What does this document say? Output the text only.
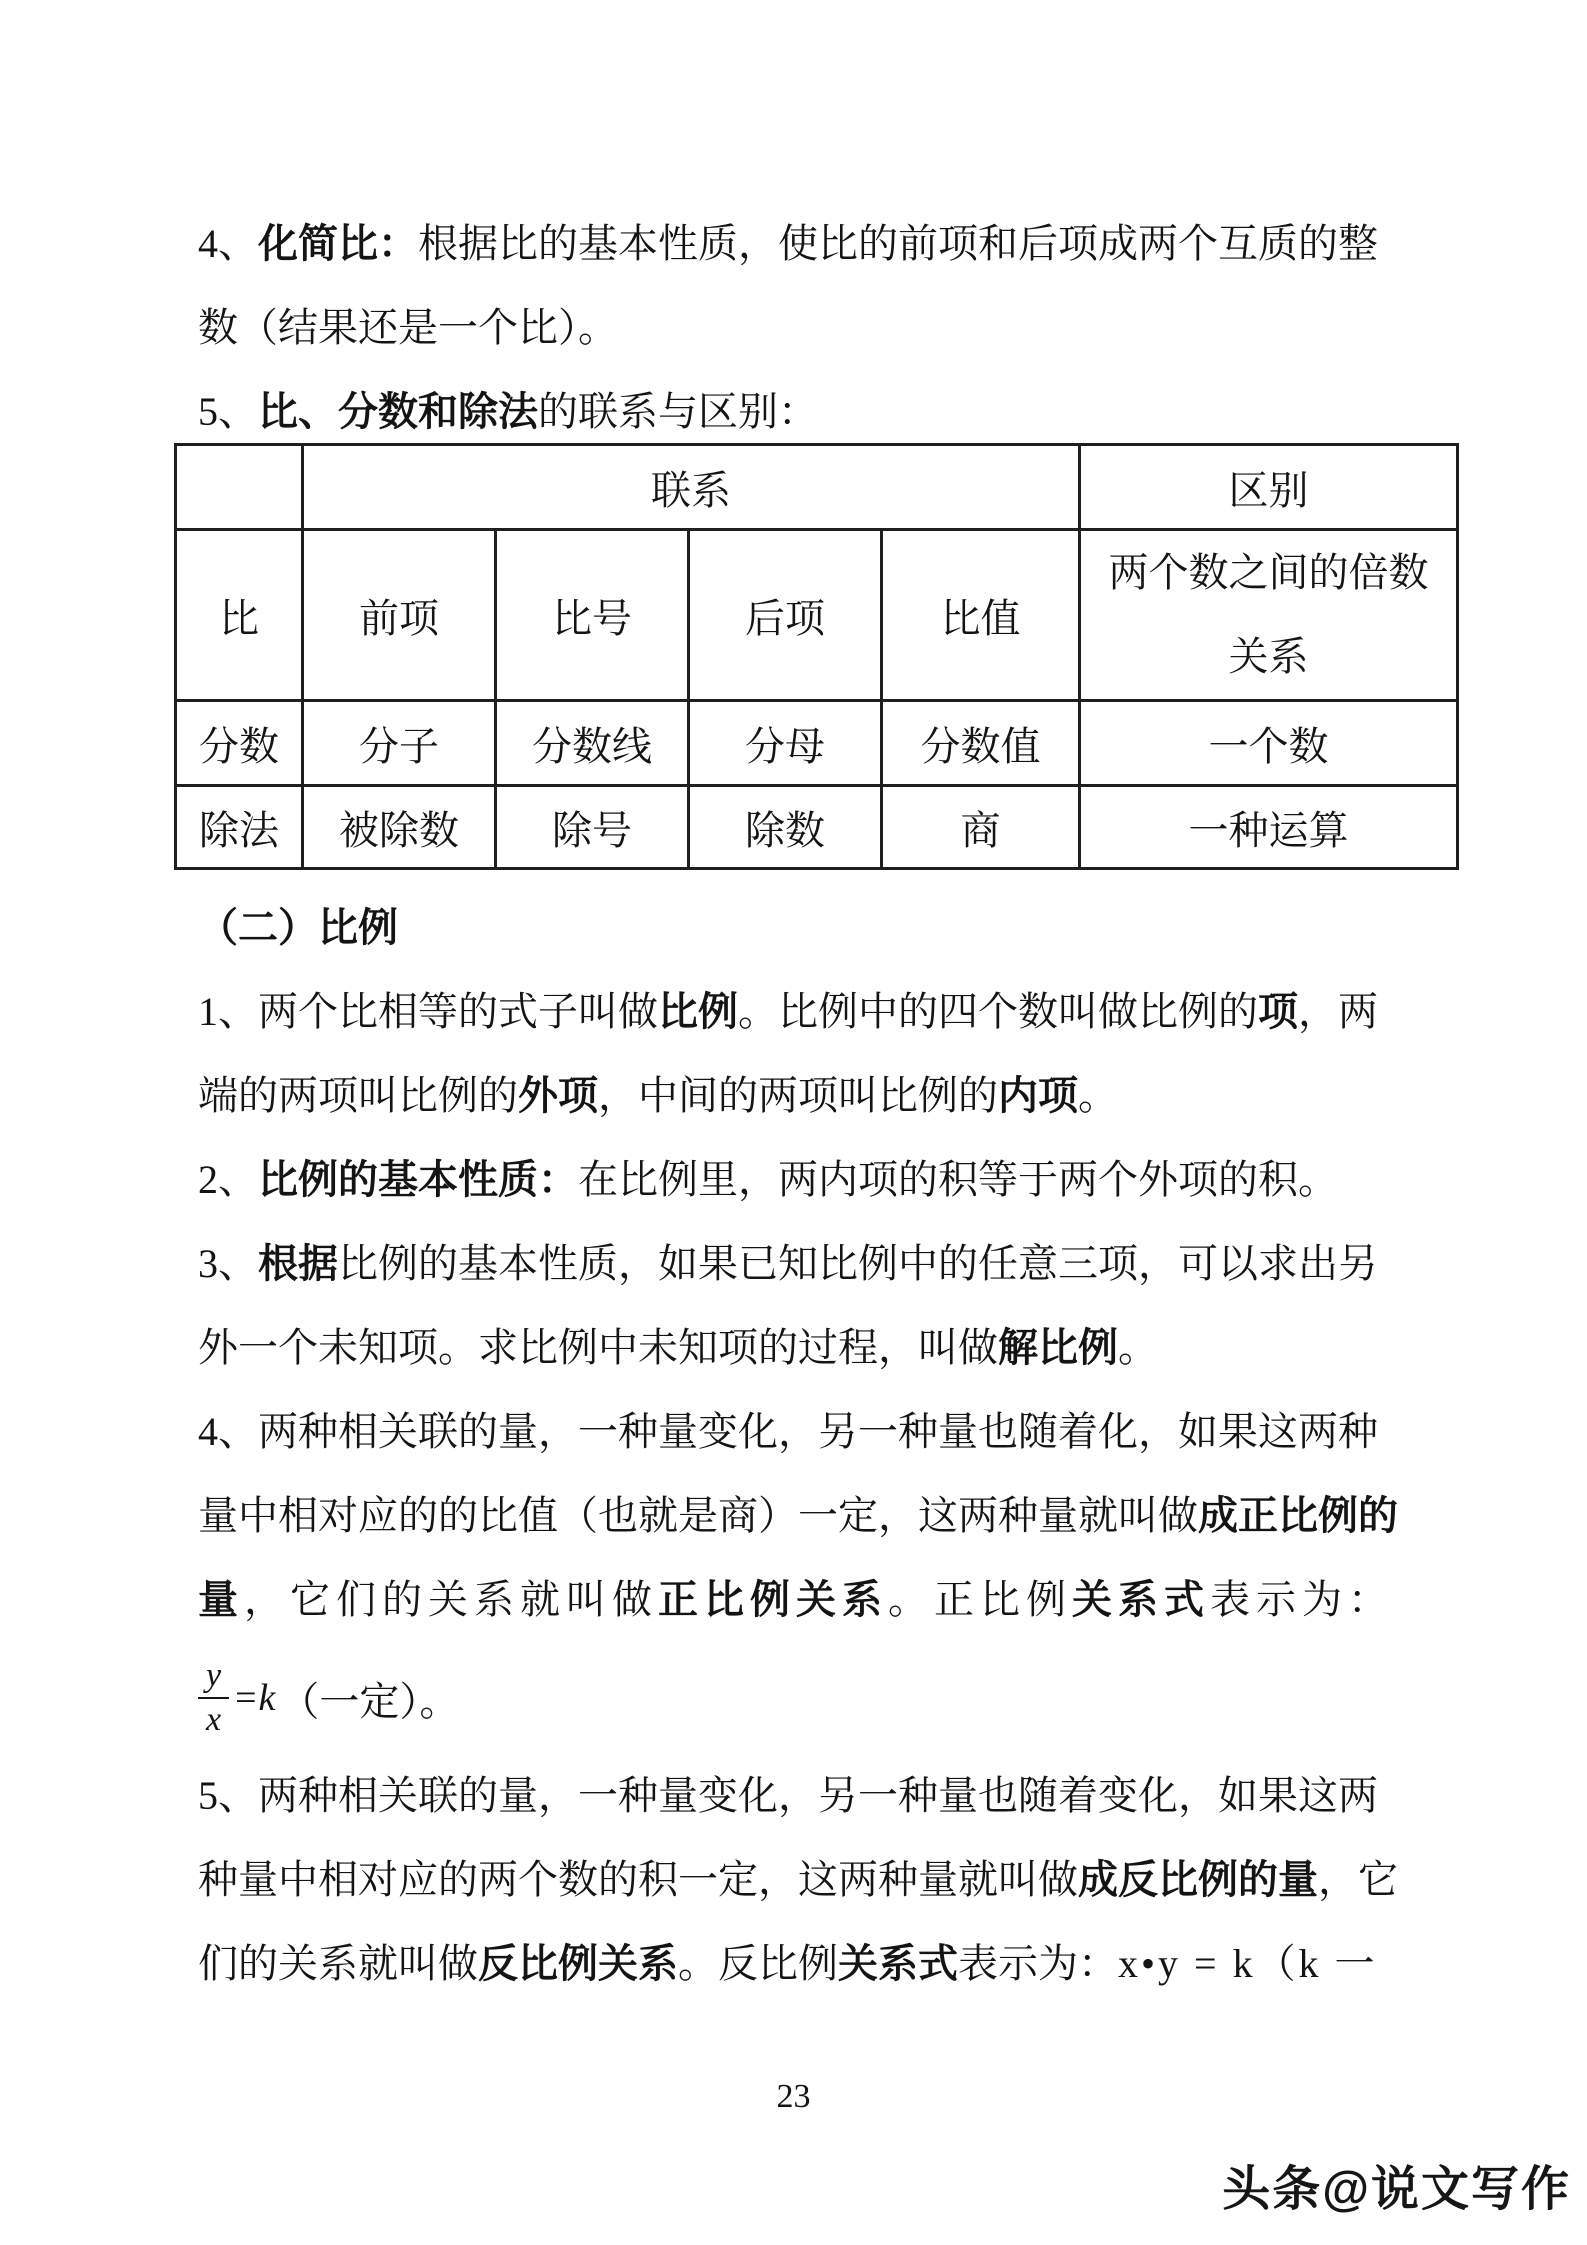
4、化简比：根据比的基本性质，使比的前项和后项成两个互质的整
数（结果还是一个比）。
5、比、分数和除法的联系与区别：
	联系				区别
比	前项	比号	后项	比值	两个数之间的倍数关系
分数	分子	分数线	分母	分数值	一个数
除法	被除数	除号	除数	商	一种运算
（二）比例
1、两个比相等的式子叫做比例。比例中的四个数叫做比例的项，两
端的两项叫比例的外项，中间的两项叫比例的内项。
2、比例的基本性质：在比例里，两内项的积等于两个外项的积。
3、根据比例的基本性质，如果已知比例中的任意三项，可以求出另
外一个未知项。求比例中未知项的过程，叫做解比例。
4、两种相关联的量，一种量变化，另一种量也随着化，如果这两种
量中相对应的的比值（也就是商）一定，这两种量就叫做成正比例的
量，它们的关系就叫做正比例关系。正比例关系式表示为：
$\frac{y}{x} = k$ （一定）。
5、两种相关联的量，一种量变化，另一种量也随着变化，如果这两
种量中相对应的两个数的积一定，这两种量就叫做成反比例的量，它
们的关系就叫做反比例关系。反比例关系式表示为：x•y = k（k 一
23
头条@说文写作
